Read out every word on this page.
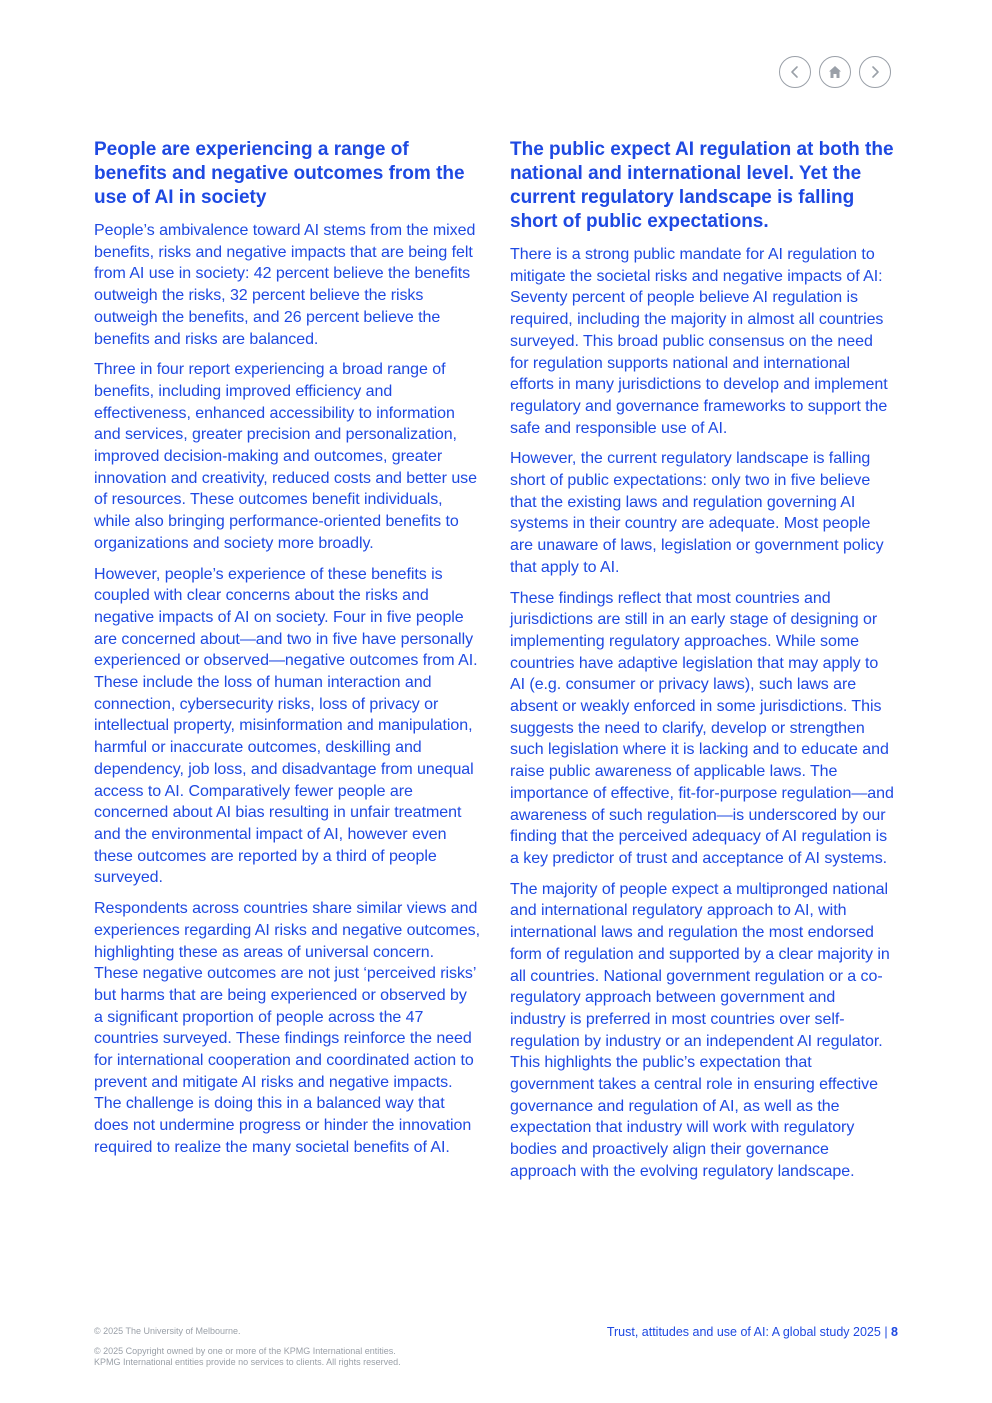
People are experiencing a range of benefits and negative outcomes from the use of AI in society

People’s ambivalence toward AI stems from the mixed benefits, risks and negative impacts that are being felt from AI use in society: 42 percent believe the benefits outweigh the risks, 32 percent believe the risks outweigh the benefits, and 26 percent believe the benefits and risks are balanced.

Three in four report experiencing a broad range of benefits, including improved efficiency and effectiveness, enhanced accessibility to information and services, greater precision and personalization, improved decision-making and outcomes, greater innovation and creativity, reduced costs and better use of resources. These outcomes benefit individuals, while also bringing performance-oriented benefits to organizations and society more broadly.

However, people’s experience of these benefits is coupled with clear concerns about the risks and negative impacts of AI on society. Four in five people are concerned about—and two in five have personally experienced or observed—negative outcomes from AI. These include the loss of human interaction and connection, cybersecurity risks, loss of privacy or intellectual property, misinformation and manipulation, harmful or inaccurate outcomes, deskilling and dependency, job loss, and disadvantage from unequal access to AI. Comparatively fewer people are concerned about AI bias resulting in unfair treatment and the environmental impact of AI, however even these outcomes are reported by a third of people surveyed.

Respondents across countries share similar views and experiences regarding AI risks and negative outcomes, highlighting these as areas of universal concern. These negative outcomes are not just ‘perceived risks’ but harms that are being experienced or observed by a significant proportion of people across the 47 countries surveyed. These findings reinforce the need for international cooperation and coordinated action to prevent and mitigate AI risks and negative impacts. The challenge is doing this in a balanced way that does not undermine progress or hinder the innovation required to realize the many societal benefits of AI.

The public expect AI regulation at both the national and international level. Yet the current regulatory landscape is falling short of public expectations.

There is a strong public mandate for AI regulation to mitigate the societal risks and negative impacts of AI: Seventy percent of people believe AI regulation is required, including the majority in almost all countries surveyed. This broad public consensus on the need for regulation supports national and international efforts in many jurisdictions to develop and implement regulatory and governance frameworks to support the safe and responsible use of AI.

However, the current regulatory landscape is falling short of public expectations: only two in five believe that the existing laws and regulation governing AI systems in their country are adequate. Most people are unaware of laws, legislation or government policy that apply to AI.

These findings reflect that most countries and jurisdictions are still in an early stage of designing or implementing regulatory approaches. While some countries have adaptive legislation that may apply to AI (e.g. consumer or privacy laws), such laws are absent or weakly enforced in some jurisdictions. This suggests the need to clarify, develop or strengthen such legislation where it is lacking and to educate and raise public awareness of applicable laws. The importance of effective, fit-for-purpose regulation—and awareness of such regulation—is underscored by our finding that the perceived adequacy of AI regulation is a key predictor of trust and acceptance of AI systems.

The majority of people expect a multipronged national and international regulatory approach to AI, with international laws and regulation the most endorsed form of regulation and supported by a clear majority in all countries. National government regulation or a co-regulatory approach between government and industry is preferred in most countries over self-regulation by industry or an independent AI regulator. This highlights the public’s expectation that government takes a central role in ensuring effective governance and regulation of AI, as well as the expectation that industry will work with regulatory bodies and proactively align their governance approach with the evolving regulatory landscape.

© 2025 The University of Melbourne.
© 2025 Copyright owned by one or more of the KPMG International entities.
KPMG International entities provide no services to clients. All rights reserved.
Trust, attitudes and use of AI: A global study 2025 | 8
